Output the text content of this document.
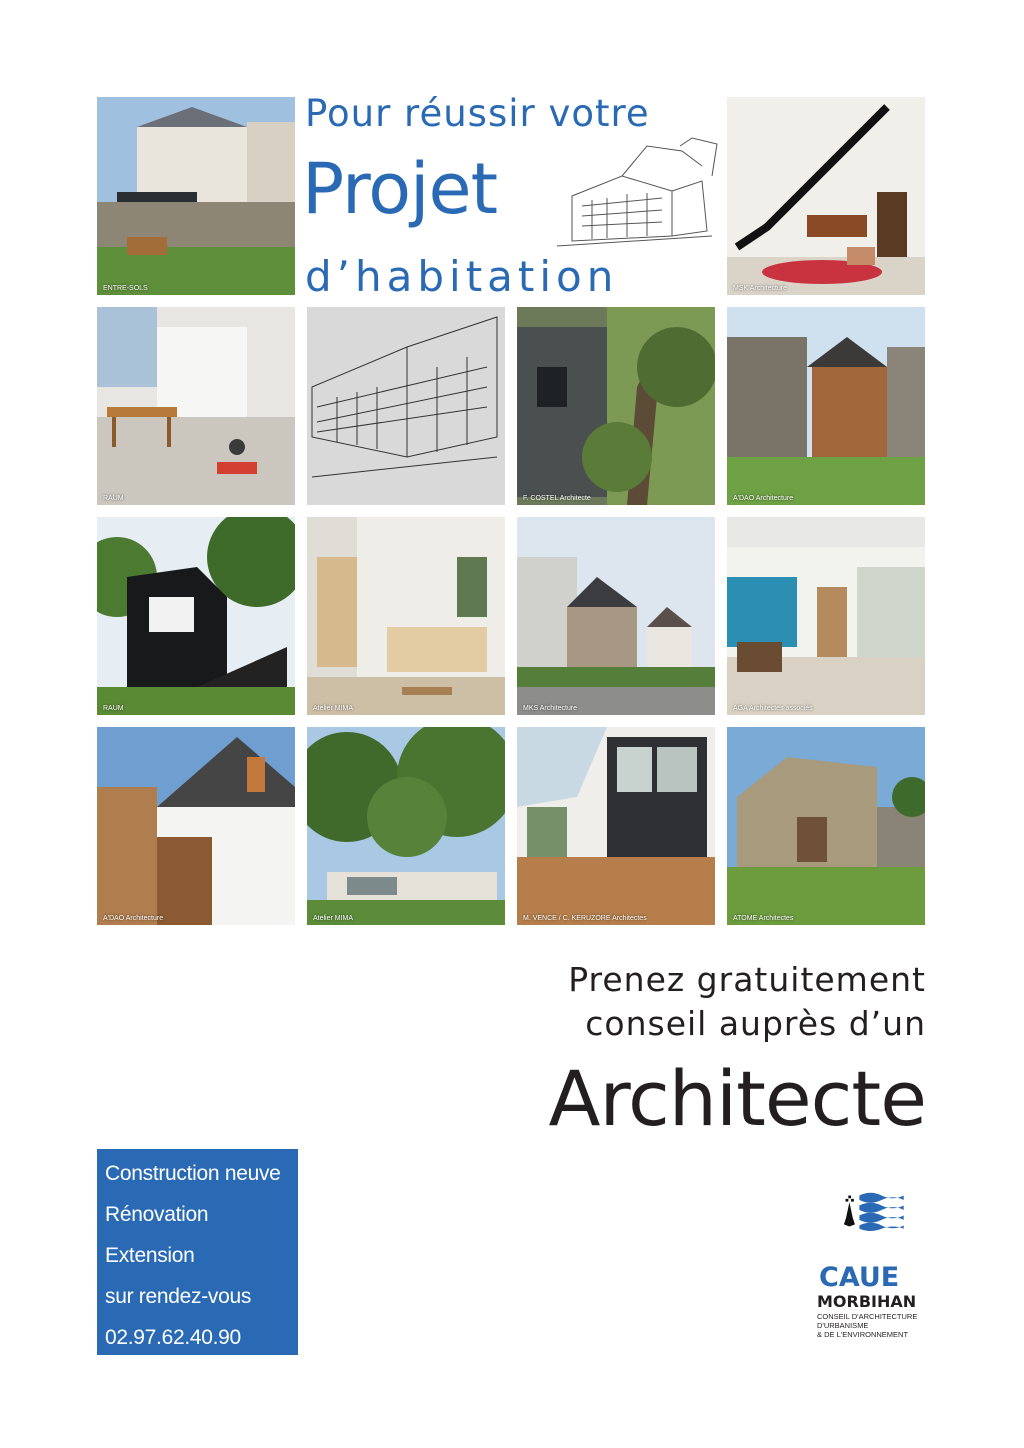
Pour réussir votre
Projet
d’habitation
ENTRE-SOLS	MSK Architecture
RAUM	F. COSTEL Architecte	A'DAO Architecture
RAUM	Atelier MIMA	MKS Architecture	AGA Architectes associés
A'DAO Architecture	Atelier MIMA	M. VENCE / C. KERUZORE Architectes	ATOME Architectes
Prenez gratuitement
conseil auprès d’un
Architecte
Construction neuve
Rénovation
Extension
sur rendez-vous
02.97.62.40.90
CAUE
MORBIHAN
CONSEIL D'ARCHITECTURE
D'URBANISME
& DE L'ENVIRONNEMENT
